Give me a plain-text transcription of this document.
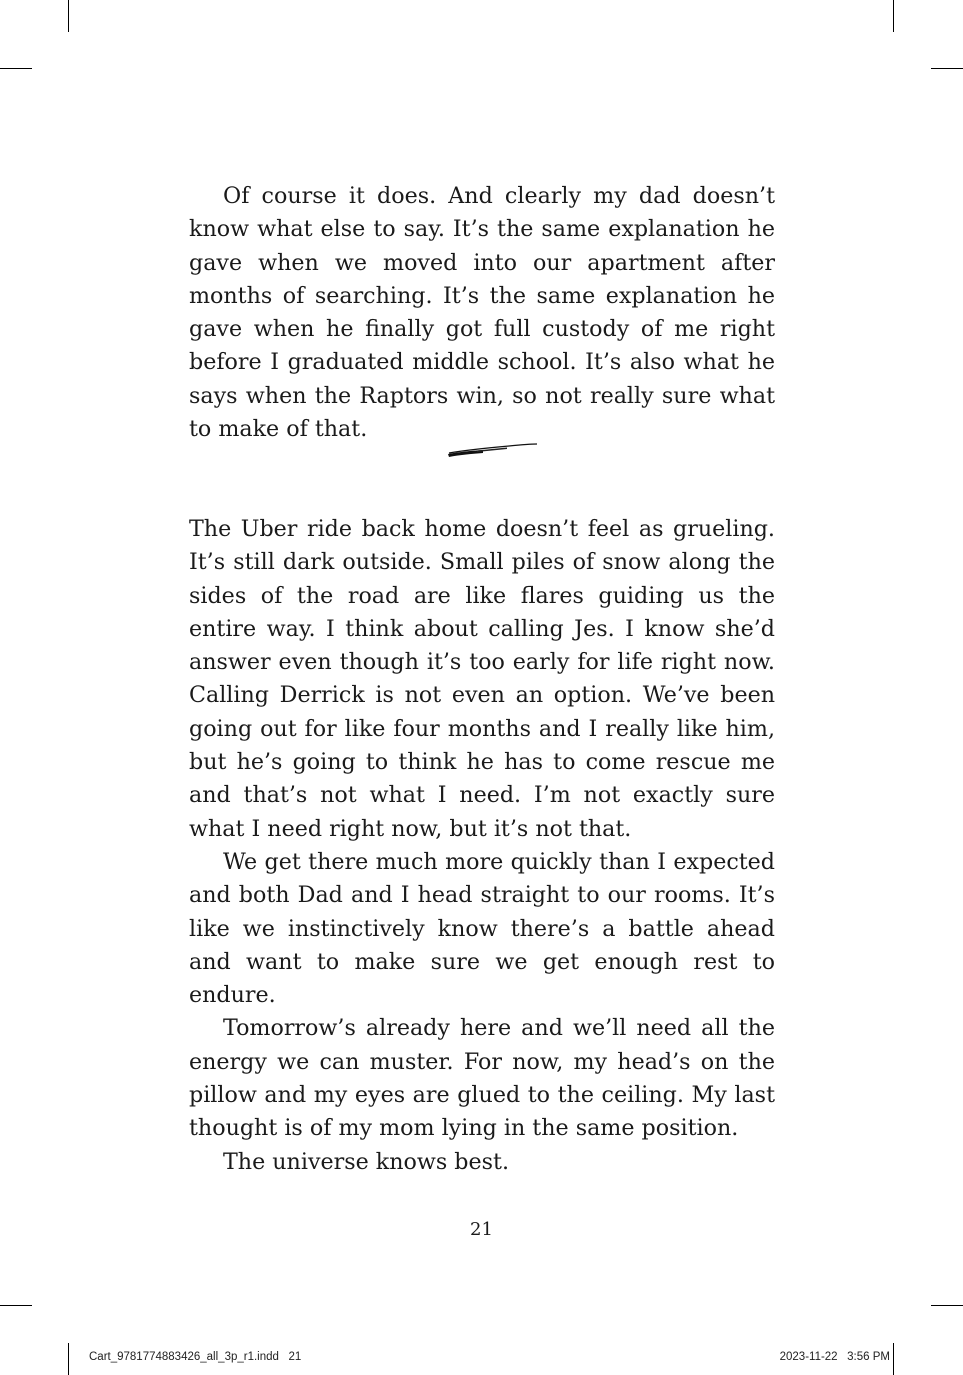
Of course it does. And clearly my dad doesn’t know what else to say. It’s the same explanation he gave when we moved into our apartment after months of searching. It’s the same explanation he gave when he finally got full custody of me right before I graduated middle school. It’s also what he says when the Raptors win, so not really sure what to make of that.

The Uber ride back home doesn’t feel as grueling. It’s still dark outside. Small piles of snow along the sides of the road are like flares guiding us the entire way. I think about calling Jes. I know she’d answer even though it’s too early for life right now. Calling Derrick is not even an option. We’ve been going out for like four months and I really like him, but he’s going to think he has to come rescue me and that’s not what I need. I’m not exactly sure what I need right now, but it’s not that.

We get there much more quickly than I expected and both Dad and I head straight to our rooms. It’s like we instinctively know there’s a battle ahead and want to make sure we get enough rest to endure.

Tomorrow’s already here and we’ll need all the energy we can muster. For now, my head’s on the pillow and my eyes are glued to the ceiling. My last thought is of my mom lying in the same position.

The universe knows best.

21
Cart_9781774883426_all_3p_r1.indd   21	2023-11-22   3:56 PM
